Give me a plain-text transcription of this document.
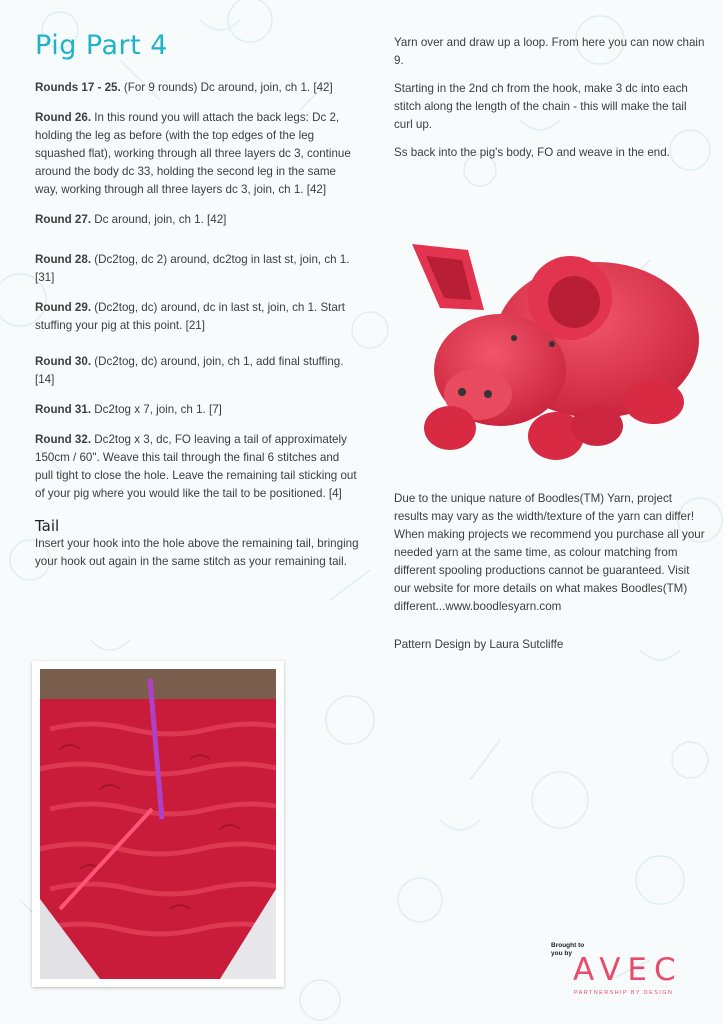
Pig Part 4

Rounds 17 - 25. (For 9 rounds) Dc around, join, ch 1. [42]

Round 26. In this round you will attach the back legs: Dc 2, holding the leg as before (with the top edges of the leg squashed flat), working through all three layers dc 3, continue around the body dc 33, holding the second leg in the same way, working through all three layers dc 3, join, ch 1. [42]

Round 27. Dc around, join, ch 1. [42]

Round 28. (Dc2tog, dc 2) around, dc2tog in last st, join, ch 1. [31]

Round 29. (Dc2tog, dc) around, dc in last st, join, ch 1. Start stuffing your pig at this point. [21]

Round 30. (Dc2tog, dc) around, join, ch 1, add final stuffing. [14]

Round 31. Dc2tog x 7, join, ch 1. [7]

Round 32. Dc2tog x 3, dc, FO leaving a tail of approximately 150cm / 60". Weave this tail through the final 6 stitches and pull tight to close the hole. Leave the remaining tail sticking out of your pig where you would like the tail to be positioned. [4]

Tail

Insert your hook into the hole above the remaining tail, bringing your hook out again in the same stitch as your remaining tail.

Yarn over and draw up a loop. From here you can now chain 9.

Starting in the 2nd ch from the hook, make 3 dc into each stitch along the length of the chain - this will make the tail curl up.

Ss back into the pig's body, FO and weave in the end.

Due to the unique nature of Boodles(TM) Yarn, project results may vary as the width/texture of the yarn can differ! When making projects we recommend you purchase all your needed yarn at the same time, as colour matching from different spooling productions cannot be guaranteed. Visit our website for more details on what makes Boodles(TM) different...www.boodlesyarn.com

Pattern Design by Laura Sutcliffe

Brought to you by AVEC
PARTNERSHIP BY DESIGN
